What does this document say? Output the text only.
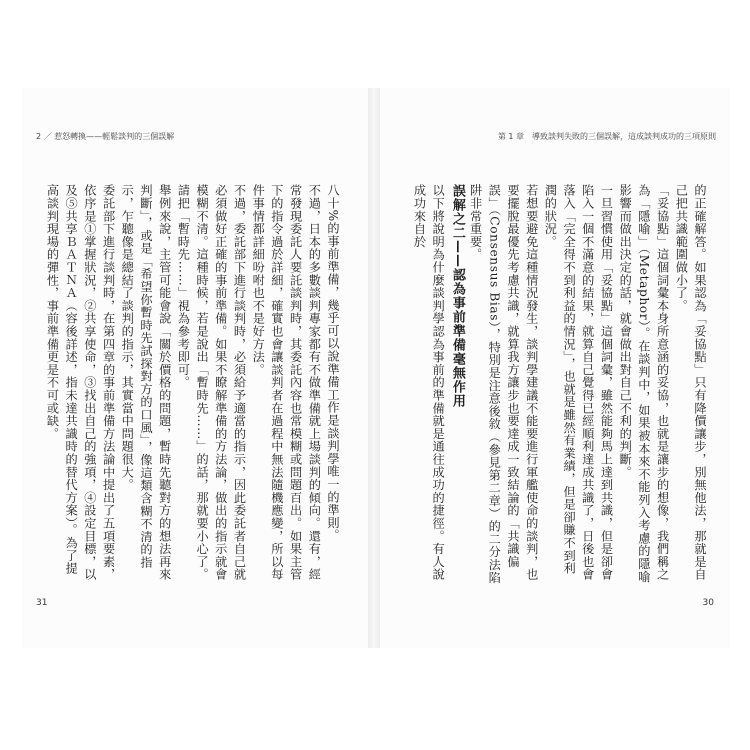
2 ／ 惹怒轉換——輕鬆談判的三個誤解	第 1 章　導致談判失敗的三個誤解，這成談判成功的三項原則

的正確解答。如果認為「妥協點」只有降價讓步，別無他法，那就是自己把共識範圍做小了。

「妥協點」這個詞彙本身所意涵的妥協，也就是讓步的想像，我們稱之為「隱喻」（Metaphor）。在談判中，如果被本來不能列入考慮的隱喻影響而做出決定的話，就會做出對自己不利的判斷。

一旦習慣使用「妥協點」這個詞彙，雖然能夠馬上達到共識，但是卻會陷入一個不滿意的結果，就算自己覺得已經順利達成共識了，日後也會落入「完全得不到利益的情況」，也就是雖然有業績，但是卻賺不到利潤的狀況。

若想要避免這種情況發生，談判學建議不能要進行軍艦使命的談判，也要擺脫最優先考慮共識，就算我方讓步也要達成一致結論的「共識偏誤」（Consensus Bias），特別是注意後敘（參見第二章）的二分法陷阱非常重要。

誤解之二——認為事前準備毫無作用

以下將說明為什麼談判學認為事前的準備就是通往成功的捷徑。有人說成功來自於

八十%的事前準備，幾乎可以說準備工作是談判學唯一的準則。

不過，日本的多數談判專家都有不做準備就上場談判的傾向。還有，經常發現委託人要託談判時，其委託內容也常模糊或問題百出。如果主管下的指令過於詳細，確實也會讓談判者在過程中無法隨機應變，所以每件事情都詳細吩咐也不是好方法。

不過，委託部下進行談判時，必須給予適當的指示，因此委託者自己就必須做好正確的事前準備。如果不瞭解準備的方法論，做出的指示就會模糊不清。這種時候，若是說出「暫時先……」的話，那就要小心了。請把「暫時先……」視為參考即可。

舉例來說，主管可能會說「關於價格的問題，暫時先聽對方的想法再來判斷」，或是「希望你暫時先試探對方的口風」，像這類含糊不清的指示，乍聽像是總結了談判的指示，其實當中問題很大。

委託部下進行談判時，在第四章的事前準備方法論中提出了五項要素，依序是①掌握狀況，②共享使命，③找出自己的強項，④設定目標，以及⑤共享ＢＡＴＮＡ（容後詳述，指未達共識時的替代方案）。為了提高談判現場的彈性，事前準備更是不可或缺。

31	30
